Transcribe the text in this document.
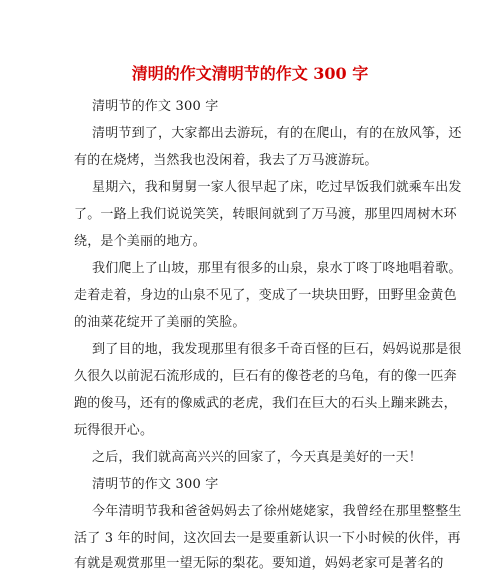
清明的作文清明节的作文 300 字
清明节的作文 300 字
清明节到了，大家都出去游玩，有的在爬山，有的在放风筝，还
有的在烧烤，当然我也没闲着，我去了万马渡游玩。
星期六，我和舅舅一家人很早起了床，吃过早饭我们就乘车出发
了。一路上我们说说笑笑，转眼间就到了万马渡，那里四周树木环
绕，是个美丽的地方。
我们爬上了山坡，那里有很多的山泉，泉水丁咚丁咚地唱着歌。
走着走着，身边的山泉不见了，变成了一块块田野，田野里金黄色
的油菜花绽开了美丽的笑脸。
到了目的地，我发现那里有很多千奇百怪的巨石，妈妈说那是很
久很久以前泥石流形成的，巨石有的像苍老的乌龟，有的像一匹奔
跑的俊马，还有的像威武的老虎，我们在巨大的石头上蹦来跳去，
玩得很开心。
之后，我们就高高兴兴的回家了，今天真是美好的一天！
清明节的作文 300 字
今年清明节我和爸爸妈妈去了徐州姥姥家，我曾经在那里整整生
活了 3 年的时间，这次回去一是要重新认识一下小时候的伙伴，再
有就是观赏那里一望无际的梨花。要知道，妈妈老家可是著名的
